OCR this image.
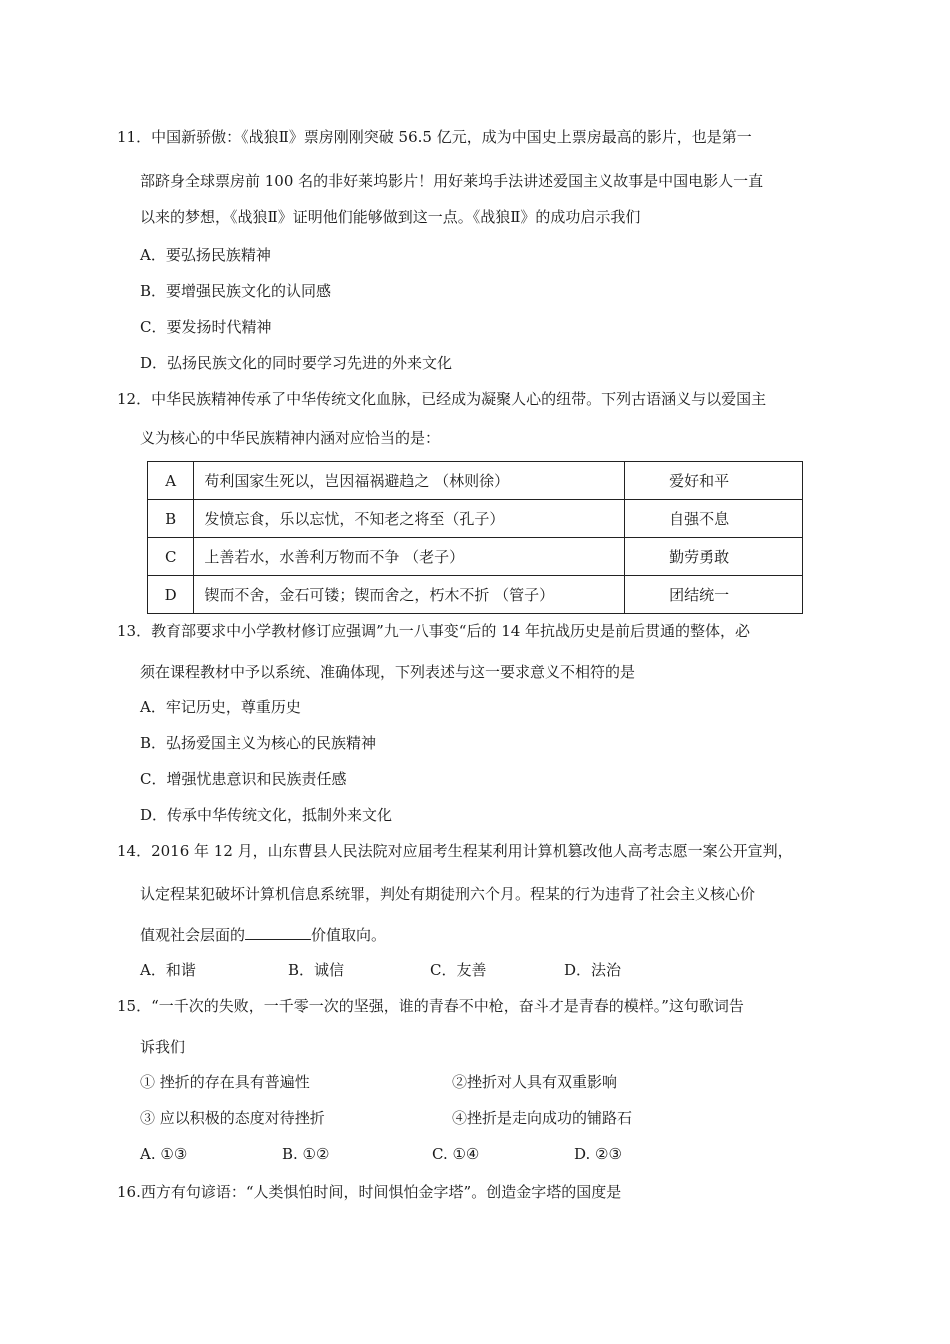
11．中国新骄傲：《战狼Ⅱ》票房刚刚突破 56.5 亿元，成为中国史上票房最高的影片，也是第一
部跻身全球票房前 100 名的非好莱坞影片！用好莱坞手法讲述爱国主义故事是中国电影人一直
以来的梦想，《战狼Ⅱ》证明他们能够做到这一点。《战狼Ⅱ》的成功启示我们
A．要弘扬民族精神
B．要增强民族文化的认同感
C．要发扬时代精神
D．弘扬民族文化的同时要学习先进的外来文化
12．中华民族精神传承了中华传统文化血脉，已经成为凝聚人心的纽带。下列古语涵义与以爱国主
义为核心的中华民族精神内涵对应恰当的是：
A	苟利国家生死以，岂因福祸避趋之 （林则徐）	爱好和平
B	发愤忘食，乐以忘忧，不知老之将至（孔子）	自强不息
C	上善若水，水善利万物而不争 （老子）	勤劳勇敢
D	锲而不舍，金石可镂；锲而舍之，朽木不折 （管子）	团结统一
13．教育部要求中小学教材修订应强调”九一八事变“后的 14 年抗战历史是前后贯通的整体，必
须在课程教材中予以系统、准确体现，下列表述与这一要求意义不相符的是
A．牢记历史，尊重历史
B．弘扬爱国主义为核心的民族精神
C．增强忧患意识和民族责任感
D．传承中华传统文化，抵制外来文化
14．2016 年 12 月，山东曹县人民法院对应届考生程某利用计算机篡改他人高考志愿一案公开宣判，
认定程某犯破坏计算机信息系统罪，判处有期徒刑六个月。程某的行为违背了社会主义核心价
值观社会层面的	价值取向。
A．和谐	B．诚信	C．友善	D．法治
15．“一千次的失败，一千零一次的坚强，谁的青春不中枪，奋斗才是青春的模样。”这句歌词告
诉我们
① 挫折的存在具有普遍性	②挫折对人具有双重影响
③ 应以积极的态度对待挫折	④挫折是走向成功的铺路石
A. ①③	B. ①②	C. ①④	D. ②③
16.西方有句谚语：“人类惧怕时间，时间惧怕金字塔”。创造金字塔的国度是
